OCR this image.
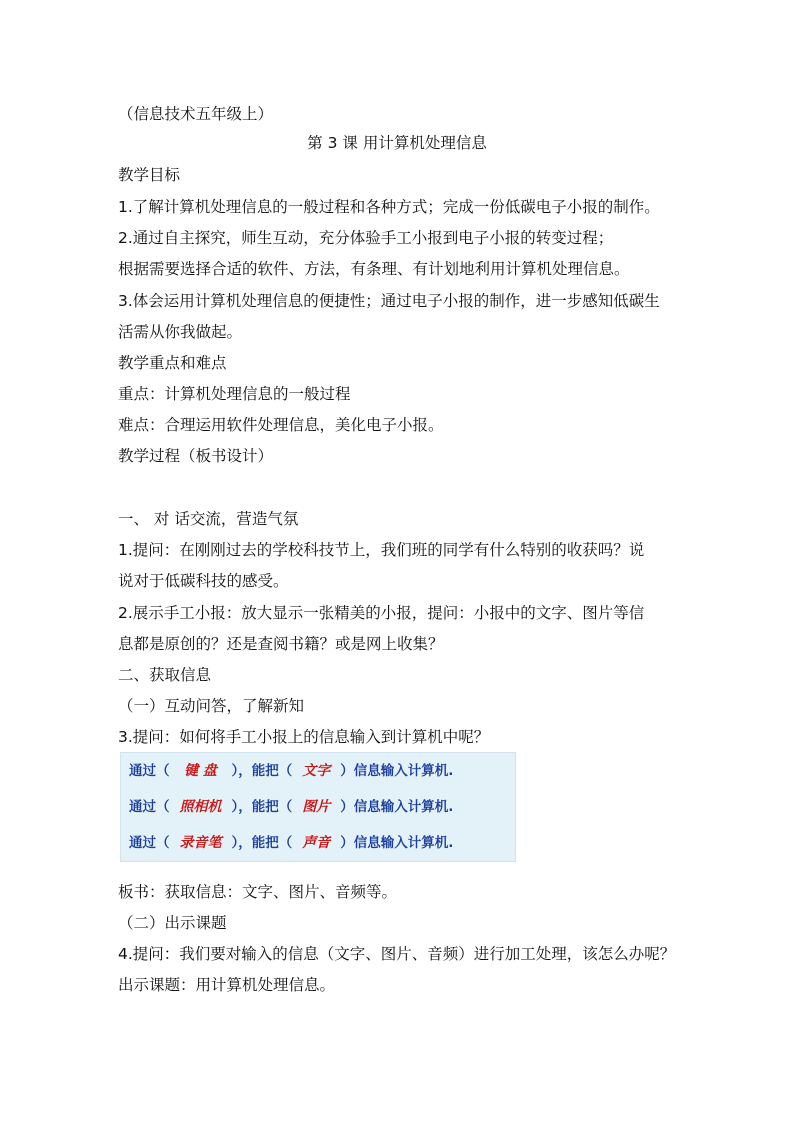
（信息技术五年级上）
第 3 课 用计算机处理信息
教学目标
1.了解计算机处理信息的一般过程和各种方式；完成一份低碳电子小报的制作。
2.通过自主探究，师生互动，充分体验手工小报到电子小报的转变过程；
根据需要选择合适的软件、方法，有条理、有计划地利用计算机处理信息。
3.体会运用计算机处理信息的便捷性；通过电子小报的制作，进一步感知低碳生
活需从你我做起。
教学重点和难点
重点：计算机处理信息的一般过程
难点：合理运用软件处理信息，美化电子小报。
教学过程（板书设计）
一、 对 话交流，营造气氛
1.提问：在刚刚过去的学校科技节上，我们班的同学有什么特别的收获吗？说
说对于低碳科技的感受。
2.展示手工小报：放大显示一张精美的小报，提问：小报中的文字、图片等信
息都是原创的？还是查阅书籍？或是网上收集？
二、获取信息
（一）互动问答，了解新知
3.提问：如何将手工小报上的信息输入到计算机中呢？
通过（ 键 盘 ），能把（ 文字 ）信息输入计算机.
通过（ 照相机 ），能把（ 图片 ）信息输入计算机.
通过（ 录音笔 ），能把（ 声音 ）信息输入计算机.
板书：获取信息：文字、图片、音频等。
（二）出示课题
4.提问：我们要对输入的信息（文字、图片、音频）进行加工处理，该怎么办呢？
出示课题：用计算机处理信息。
